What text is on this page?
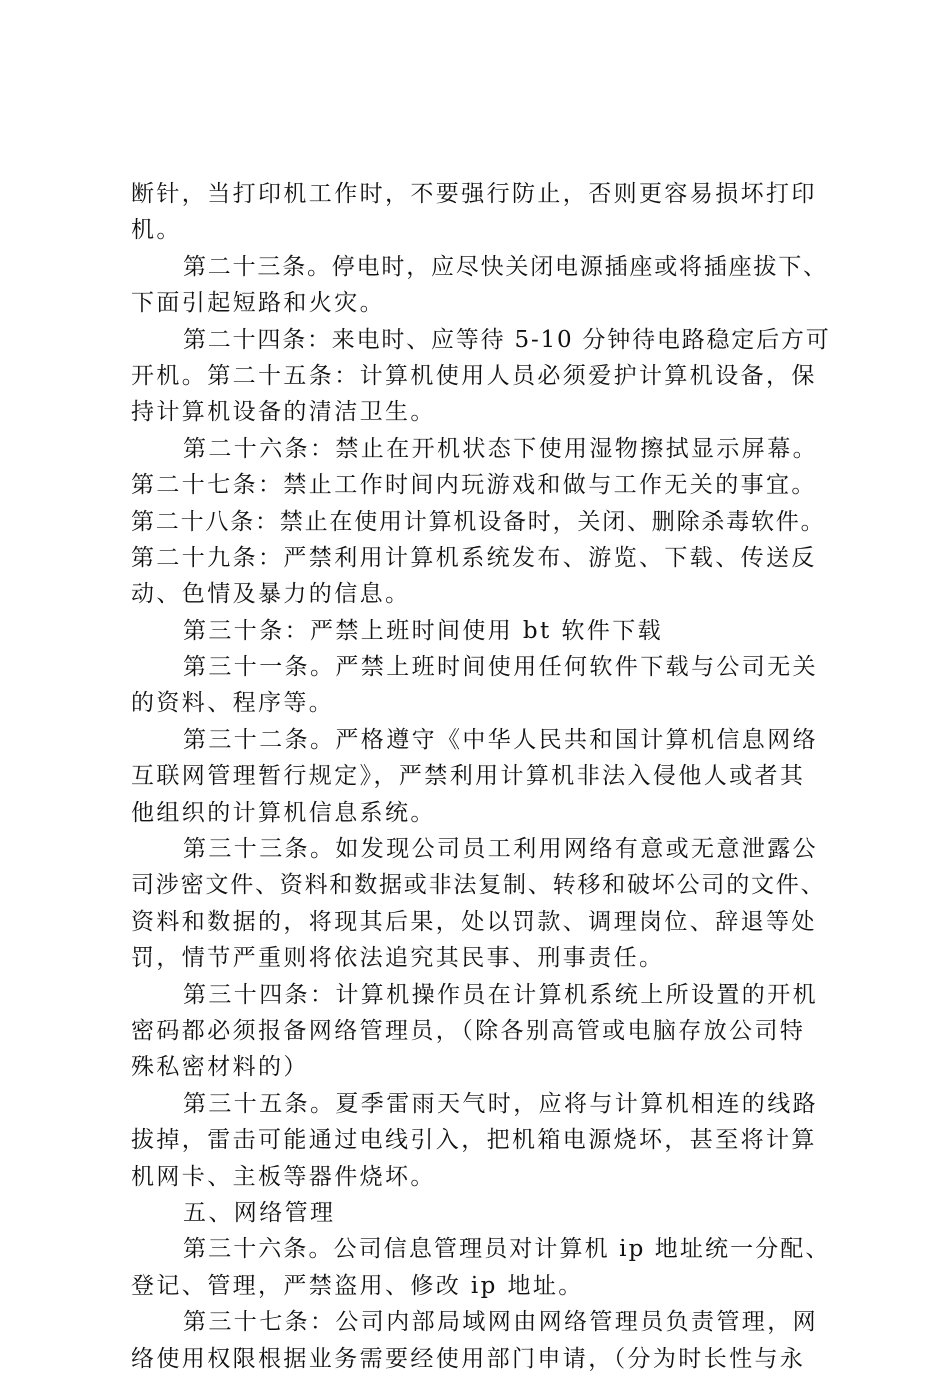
断针，当打印机工作时，不要强行防止，否则更容易损坏打印
机。
第二十三条。停电时，应尽快关闭电源插座或将插座拔下、
下面引起短路和火灾。
第二十四条：来电时、应等待 5-10 分钟待电路稳定后方可
开机。第二十五条：计算机使用人员必须爱护计算机设备，保
持计算机设备的清洁卫生。
第二十六条：禁止在开机状态下使用湿物擦拭显示屏幕。
第二十七条：禁止工作时间内玩游戏和做与工作无关的事宜。
第二十八条：禁止在使用计算机设备时，关闭、删除杀毒软件。
第二十九条：严禁利用计算机系统发布、游览、下载、传送反
动、色情及暴力的信息。
第三十条：严禁上班时间使用 bt 软件下载
第三十一条。严禁上班时间使用任何软件下载与公司无关
的资料、程序等。
第三十二条。严格遵守《中华人民共和国计算机信息网络
互联网管理暂行规定》，严禁利用计算机非法入侵他人或者其
他组织的计算机信息系统。
第三十三条。如发现公司员工利用网络有意或无意泄露公
司涉密文件、资料和数据或非法复制、转移和破坏公司的文件、
资料和数据的，将现其后果，处以罚款、调理岗位、辞退等处
罚，情节严重则将依法追究其民事、刑事责任。
第三十四条：计算机操作员在计算机系统上所设置的开机
密码都必须报备网络管理员，（除各别高管或电脑存放公司特
殊私密材料的）
第三十五条。夏季雷雨天气时，应将与计算机相连的线路
拔掉，雷击可能通过电线引入，把机箱电源烧坏，甚至将计算
机网卡、主板等器件烧坏。
五、网络管理
第三十六条。公司信息管理员对计算机 ip 地址统一分配、
登记、管理，严禁盗用、修改 ip 地址。
第三十七条：公司内部局域网由网络管理员负责管理，网
络使用权限根据业务需要经使用部门申请，（分为时长性与永
